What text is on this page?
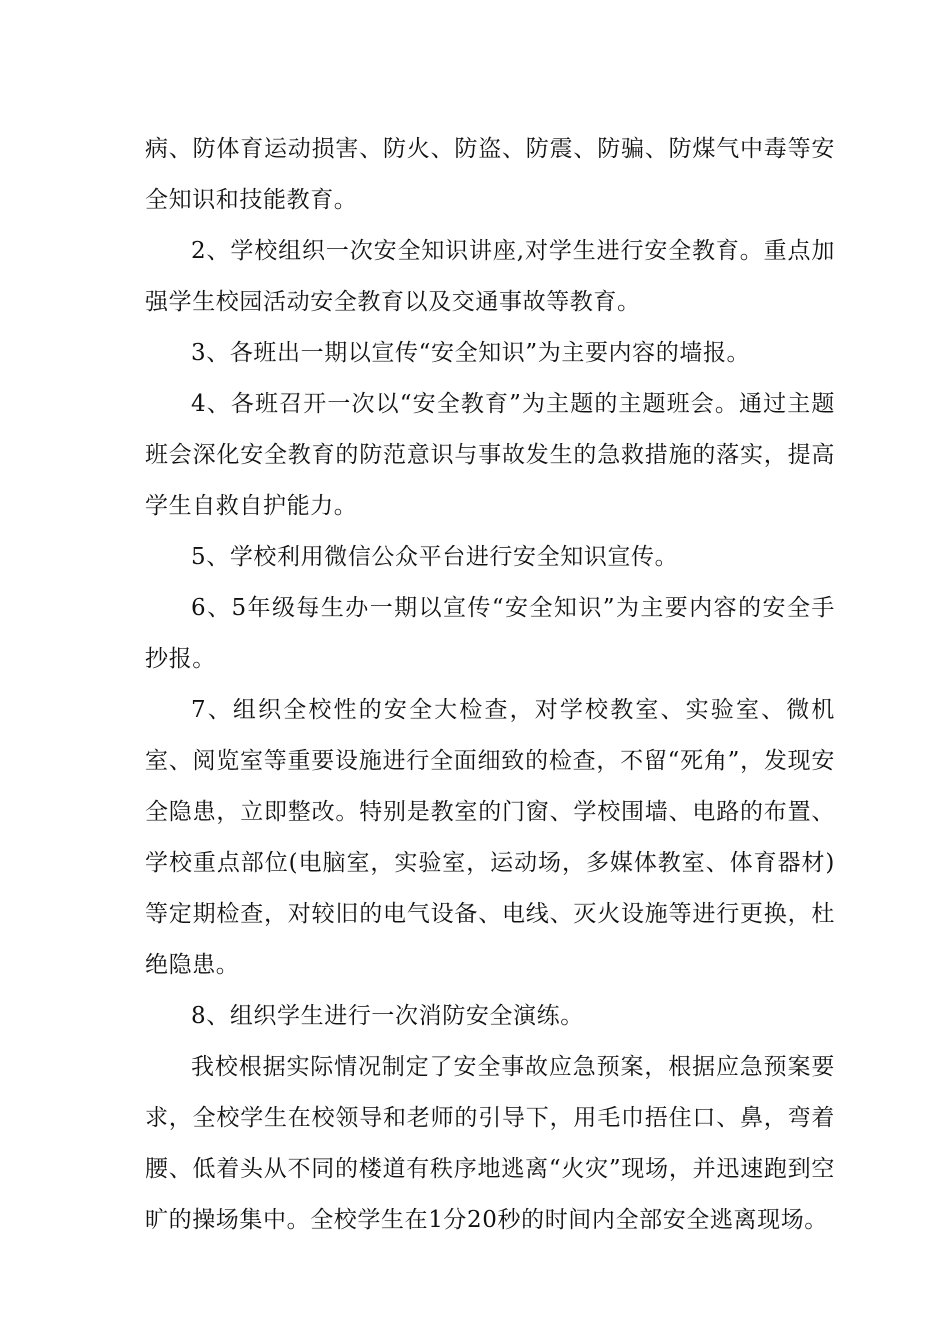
病、防体育运动损害、防火、防盗、防震、防骗、防煤气中毒等安全知识和技能教育。

2、学校组织一次安全知识讲座,对学生进行安全教育。重点加强学生校园活动安全教育以及交通事故等教育。

3、各班出一期以宣传“安全知识”为主要内容的墙报。

4、各班召开一次以“安全教育”为主题的主题班会。通过主题班会深化安全教育的防范意识与事故发生的急救措施的落实，提高学生自救自护能力。

5、学校利用微信公众平台进行安全知识宣传。

6、5年级每生办一期以宣传“安全知识”为主要内容的安全手抄报。

7、组织全校性的安全大检查，对学校教室、实验室、微机室、阅览室等重要设施进行全面细致的检查，不留“死角”，发现安全隐患，立即整改。特别是教室的门窗、学校围墙、电路的布置、学校重点部位(电脑室，实验室，运动场，多媒体教室、体育器材)等定期检查，对较旧的电气设备、电线、灭火设施等进行更换，杜绝隐患。

8、组织学生进行一次消防安全演练。

我校根据实际情况制定了安全事故应急预案，根据应急预案要求，全校学生在校领导和老师的引导下，用毛巾捂住口、鼻，弯着腰、低着头从不同的楼道有秩序地逃离“火灾”现场，并迅速跑到空旷的操场集中。全校学生在1分20秒的时间内全部安全逃离现场。
